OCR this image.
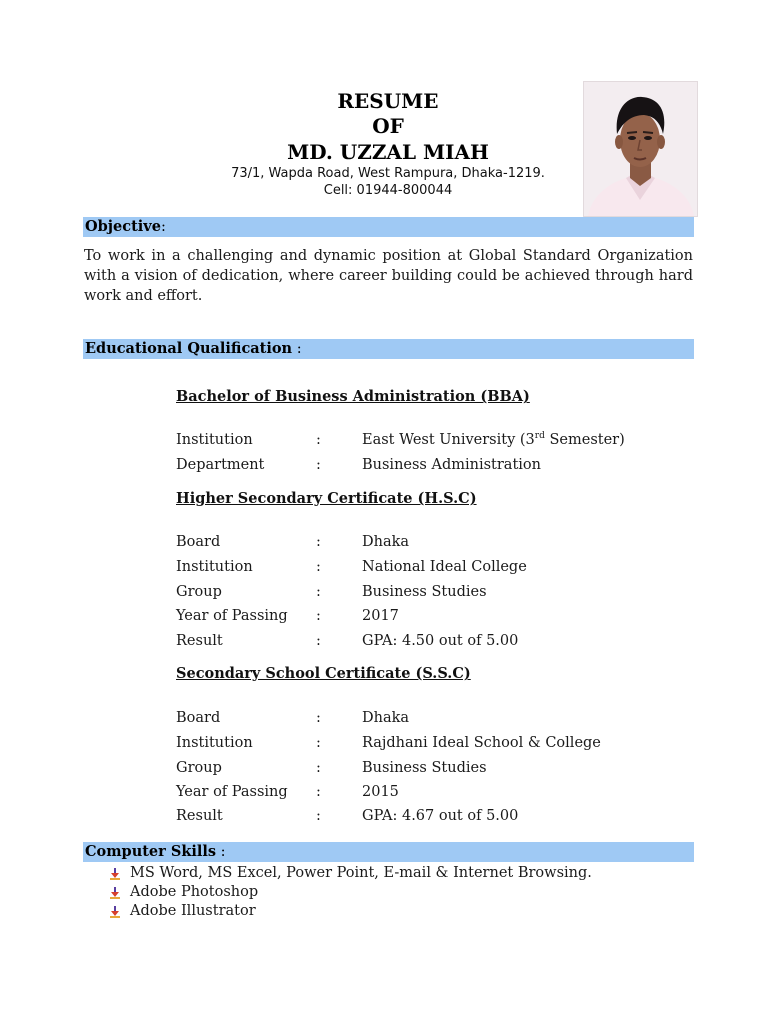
RESUME
OF
MD. UZZAL MIAH
73/1, Wapda Road, West Rampura, Dhaka-1219.
Cell: 01944-800044
Objective:
To work in a challenging and dynamic position at Global Standard Organization with a vision of dedication, where career building could be achieved through hard work and effort.
Educational Qualification :
Bachelor of Business Administration (BBA)
Institution	:	East West University (3rd Semester)
Department	:	Business Administration
Higher Secondary Certificate (H.S.C)
Board	:	Dhaka
Institution	:	National Ideal College
Group	:	Business Studies
Year of Passing :	2017
Result	:	GPA: 4.50 out of 5.00
Secondary School Certificate (S.S.C)
Board	:	Dhaka
Institution	:	Rajdhani Ideal School & College
Group	:	Business Studies
Year of Passing :	2015
Result	:	GPA: 4.67 out of 5.00
Computer Skills :
MS Word, MS Excel, Power Point, E-mail & Internet Browsing.
Adobe Photoshop
Adobe Illustrator
